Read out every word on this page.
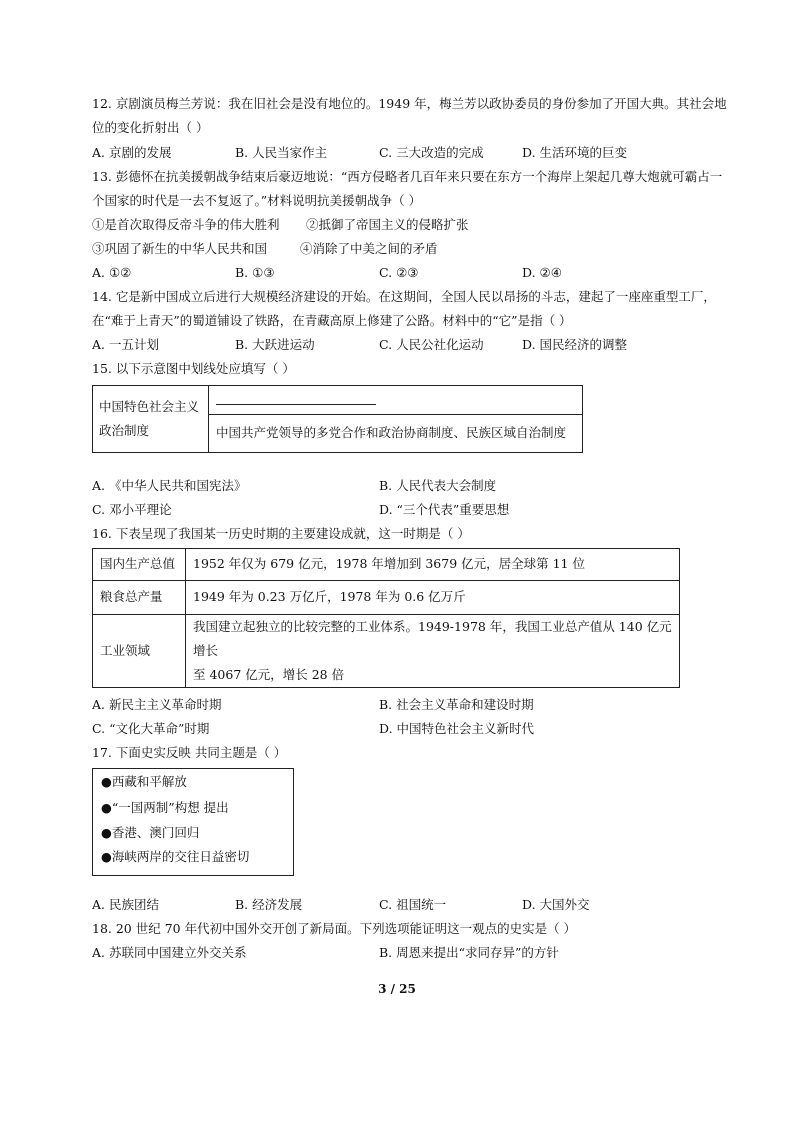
12. 京剧演员梅兰芳说：我在旧社会是没有地位的。1949 年，梅兰芳以政协委员的身份参加了开国大典。其社会地
位的变化折射出（ ）
A. 京剧的发展	B. 人民当家作主	C. 三大改造的完成	D. 生活环境的巨变
13. 彭德怀在抗美援朝战争结束后豪迈地说：“西方侵略者几百年来只要在东方一个海岸上架起几尊大炮就可霸占一
个国家的时代是一去不复返了。”材料说明抗美援朝战争（ ）
①是首次取得反帝斗争的伟大胜利 ②抵御了帝国主义的侵略扩张
③巩固了新生的中华人民共和国	④消除了中美之间的矛盾
A. ①②	B. ①③	C. ②③	D. ②④
14. 它是新中国成立后进行大规模经济建设的开始。在这期间，全国人民以昂扬的斗志，建起了一座座重型工厂，
在“难于上青天”的蜀道铺设了铁路，在青藏高原上修建了公路。材料中的“它”是指（ ）
A. 一五计划	B. 大跃进运动	C. 人民公社化运动	D. 国民经济的调整
15. 以下示意图中划线处应填写（ ）
中国特色社会主义
政治制度

中国共产党领导的多党合作和政治协商制度、民族区域自治制度
A. 《中华人民共和国宪法》	B. 人民代表大会制度
C. 邓小平理论	D. “三个代表”重要思想
16. 下表呈现了我国某一历史时期的主要建设成就，这一时期是（ ）
国内生产总值	1952 年仅为 679 亿元，1978 年增加到 3679 亿元，居全球第 11 位
粮食总产量	1949 年为 0.23 万亿斤，1978 年为 0.6 亿万斤
工业领域	我国建立起独立的比较完整的工业体系。1949-1978 年，我国工业总产值从 140 亿元增长
至 4067 亿元，增长 28 倍
A. 新民主主义革命时期	B. 社会主义革命和建设时期
C. “文化大革命”时期	D. 中国特色社会主义新时代
17. 下面史实反映 共同主题是（ ）
●西藏和平解放
●“一国两制”构想 提出
●香港、澳门回归
●海峡两岸的交往日益密切
A. 民族团结	B. 经济发展	C. 祖国统一	D. 大国外交
18. 20 世纪 70 年代初中国外交开创了新局面。下列选项能证明这一观点的史实是（ ）
A. 苏联同中国建立外交关系	B. 周恩来提出“求同存异”的方针
3 / 25
